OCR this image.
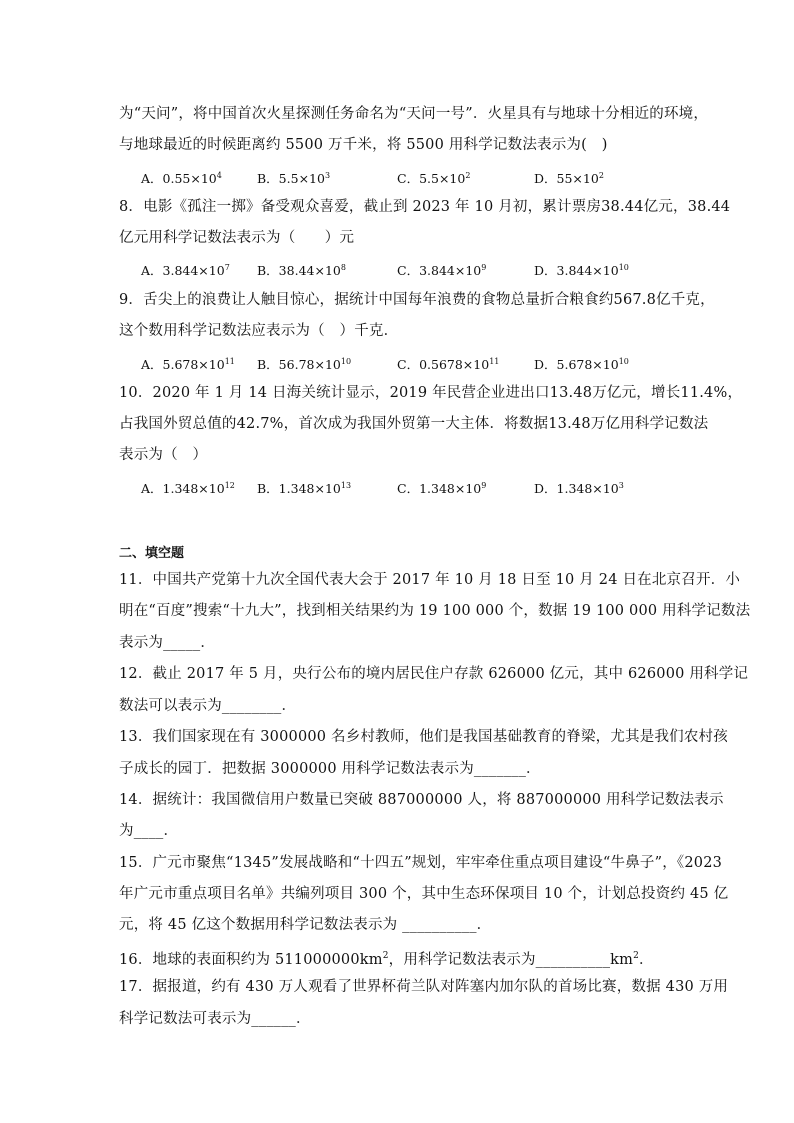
为“天问”，将中国首次火星探测任务命名为“天问一号”．火星具有与地球十分相近的环境，
与地球最近的时候距离约 5500 万千米，将 5500 用科学记数法表示为(　)
A．$0.55\times 10^4$	B．$5.5\times 10^3$	C．$5.5\times 10^2$	D．$55\times 10^2$
8．电影《孤注一掷》备受观众喜爱，截止到 2023 年 10 月初，累计票房38.44亿元，38.44
亿元用科学记数法表示为（　　）元
A．$3.844\times 10^7$ B．$38.44\times 10^8$	C．$3.844\times 10^9$	D．$3.844\times 10^{10}$
9．舌尖上的浪费让人触目惊心，据统计中国每年浪费的食物总量折合粮食约567.8亿千克，
这个数用科学记数法应表示为（　）千克．
A．$5.678\times 10^{11}$ B．$56.78\times 10^{10}$	C．$0.5678\times 10^{11}$	D．$5.678\times 10^{10}$
10．2020 年 1 月 14 日海关统计显示，2019 年民营企业进出口13.48万亿元，增长11.4%，
占我国外贸总值的42.7%，首次成为我国外贸第一大主体．将数据13.48万亿用科学记数法
表示为（　）
A．$1.348\times 10^{12}$ B．$1.348\times 10^{13}$	C．$1.348\times 10^9$	D．$1.348\times 10^3$
二、填空题
11．中国共产党第十九次全国代表大会于 2017 年 10 月 18 日至 10 月 24 日在北京召开．小
明在“百度”搜索“十九大”，找到相关结果约为 19 100 000 个，数据 19 100 000 用科学记数法
表示为_____．
12．截止 2017 年 5 月，央行公布的境内居民住户存款 626000 亿元，其中 626000 用科学记
数法可以表示为________．
13．我们国家现在有 3000000 名乡村教师，他们是我国基础教育的脊梁，尤其是我们农村孩
子成长的园丁．把数据 3000000 用科学记数法表示为_______．
14．据统计：我国微信用户数量已突破 887000000 人，将 887000000 用科学记数法表示
为____．
15．广元市聚焦“1345”发展战略和“十四五”规划，牢牢牵住重点项目建设“牛鼻子”，《2023
年广元市重点项目名单》共编列项目 300 个，其中生态环保项目 10 个，计划总投资约 45 亿
元，将 45 亿这个数据用科学记数法表示为 __________．
16．地球的表面积约为 $511000000km^2$，用科学记数法表示为$\_\_\_\_\_\_\_\_\_\_km^2$．
17．据报道，约有 430 万人观看了世界杯荷兰队对阵塞内加尔队的首场比赛，数据 430 万用
科学记数法可表示为______．
